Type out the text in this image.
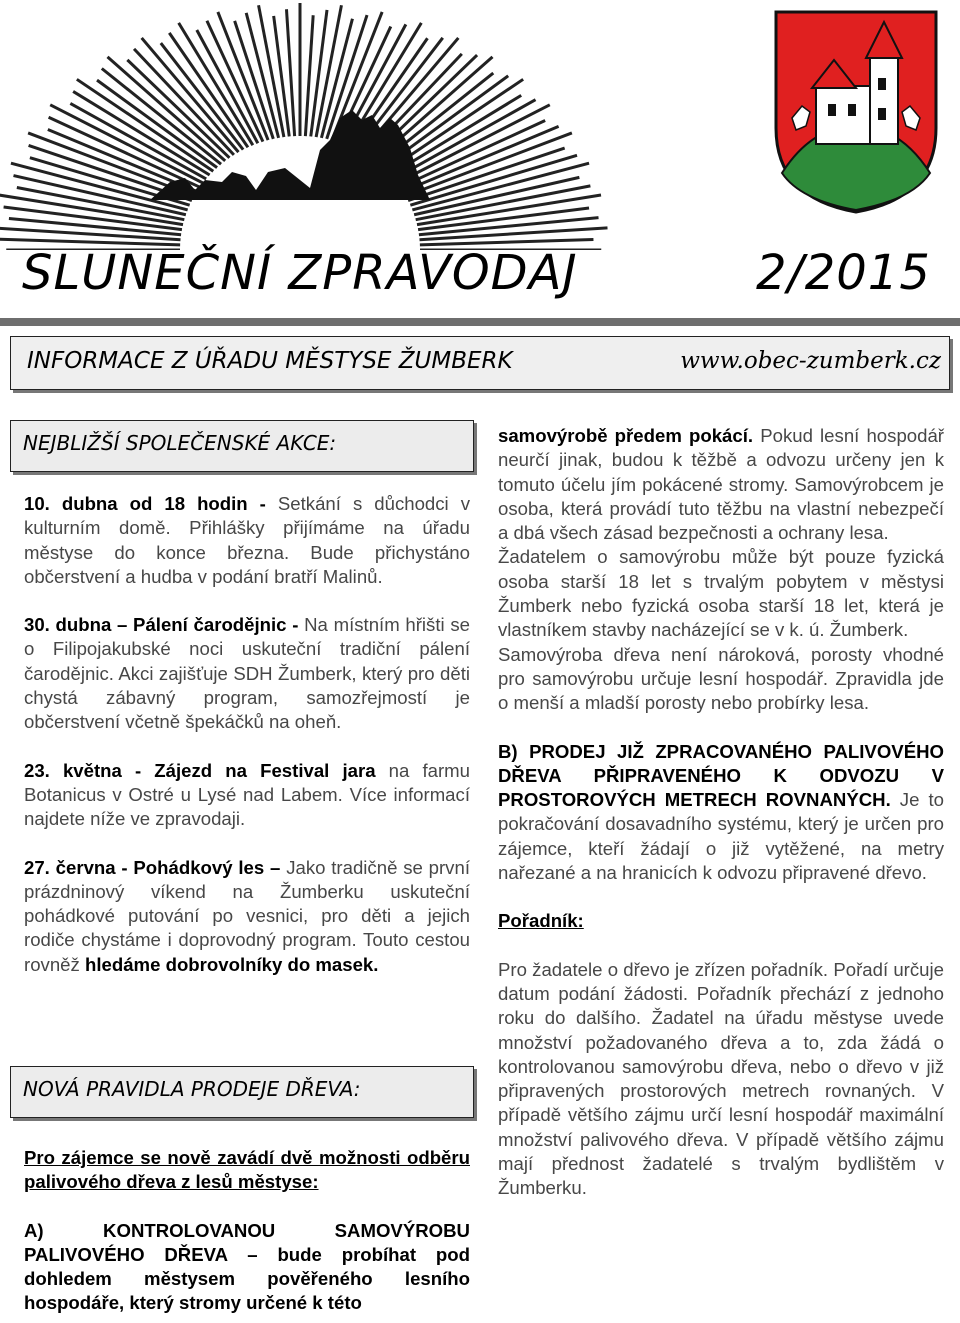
SLUNEČNÍ ZPRAVODAJ	2/2015
INFORMACE Z ÚŘADU MĚSTYSE ŽUMBERK	www.obec-zumberk.cz
NEJBLIŽŠÍ SPOLEČENSKÉ AKCE:

10. dubna od 18 hodin - Setkání s důchodci v kulturním domě. Přihlášky přijímáme na úřadu městyse do konce března. Bude přichystáno občerstvení a hudba v podání bratří Malinů.

30. dubna – Pálení čarodějnic - Na místním hřišti se o Filipojakubské noci uskuteční tradiční pálení čarodějnic. Akci zajišťuje SDH Žumberk, který pro děti chystá zábavný program, samozřejmostí je občerstvení včetně špekáčků na oheň.

23. května - Zájezd na Festival jara na farmu Botanicus v Ostré u Lysé nad Labem. Více informací najdete níže ve zpravodaji.

27. června - Pohádkový les – Jako tradičně se první prázdninový víkend na Žumberku uskuteční pohádkové putování po vesnici, pro děti a jejich rodiče chystáme i doprovodný program. Touto cestou rovněž hledáme dobrovolníky do masek.

NOVÁ PRAVIDLA PRODEJE DŘEVA:

Pro zájemce se nově zavádí dvě možnosti odběru palivového dřeva z lesů městyse:

A) KONTROLOVANOU SAMOVÝROBU PALIVOVÉHO DŘEVA – bude probíhat pod dohledem městysem pověřeného lesního hospodáře, který stromy určené k této

samovýrobě předem pokácí. Pokud lesní hospodář neurčí jinak, budou k těžbě a odvozu určeny jen k tomuto účelu jím pokácené stromy. Samovýrobcem je osoba, která provádí tuto těžbu na vlastní nebezpečí a dbá všech zásad bezpečnosti a ochrany lesa.

Žadatelem o samovýrobu může být pouze fyzická osoba starší 18 let s trvalým pobytem v městysi Žumberk nebo fyzická osoba starší 18 let, která je vlastníkem stavby nacházející se v k. ú. Žumberk.

Samovýroba dřeva není nároková, porosty vhodné pro samovýrobu určuje lesní hospodář. Zpravidla jde o menší a mladší porosty nebo probírky lesa.

B) PRODEJ JIŽ ZPRACOVANÉHO PALIVOVÉHO DŘEVA PŘIPRAVENÉHO K ODVOZU V PROSTOROVÝCH METRECH ROVNANÝCH. Je to pokračování dosavadního systému, který je určen pro zájemce, kteří žádají o již vytěžené, na metry nařezané a na hranicích k odvozu připravené dřevo.

Pořadník:

Pro žadatele o dřevo je zřízen pořadník. Pořadí určuje datum podání žádosti. Pořadník přechází z jednoho roku do dalšího. Žadatel na úřadu městyse uvede množství požadovaného dřeva a to, zda žádá o kontrolovanou samovýrobu dřeva, nebo o dřevo v již připravených prostorových metrech rovnaných. V případě většího zájmu určí lesní hospodář maximální množství palivového dřeva. V případě většího zájmu mají přednost žadatelé s trvalým bydlištěm v Žumberku.
